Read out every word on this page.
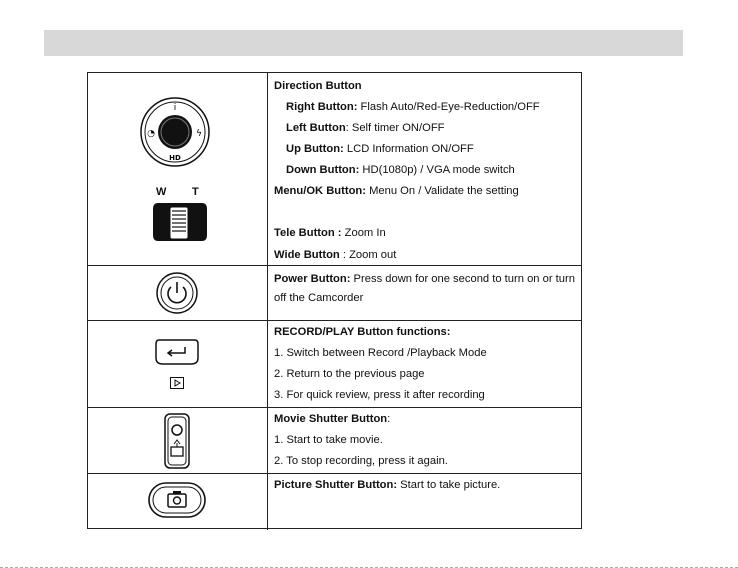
i
◔	ϟ
HD
W T
Direction Button
Right Button: Flash Auto/Red-Eye-Reduction/OFF
Left Button: Self timer ON/OFF
Up Button: LCD Information ON/OFF
Down Button: HD(1080p) / VGA mode switch
Menu/OK Button: Menu On / Validate the setting
Tele Button : Zoom In
Wide Button : Zoom out
Power Button: Press down for one second to turn on or turn off the Camcorder
RECORD/PLAY Button functions:
1. Switch between Record /Playback Mode
2. Return to the previous page
3. For quick review, press it after recording
Movie Shutter Button:
1. Start to take movie.
2. To stop recording, press it again.
Picture Shutter Button: Start to take picture.
